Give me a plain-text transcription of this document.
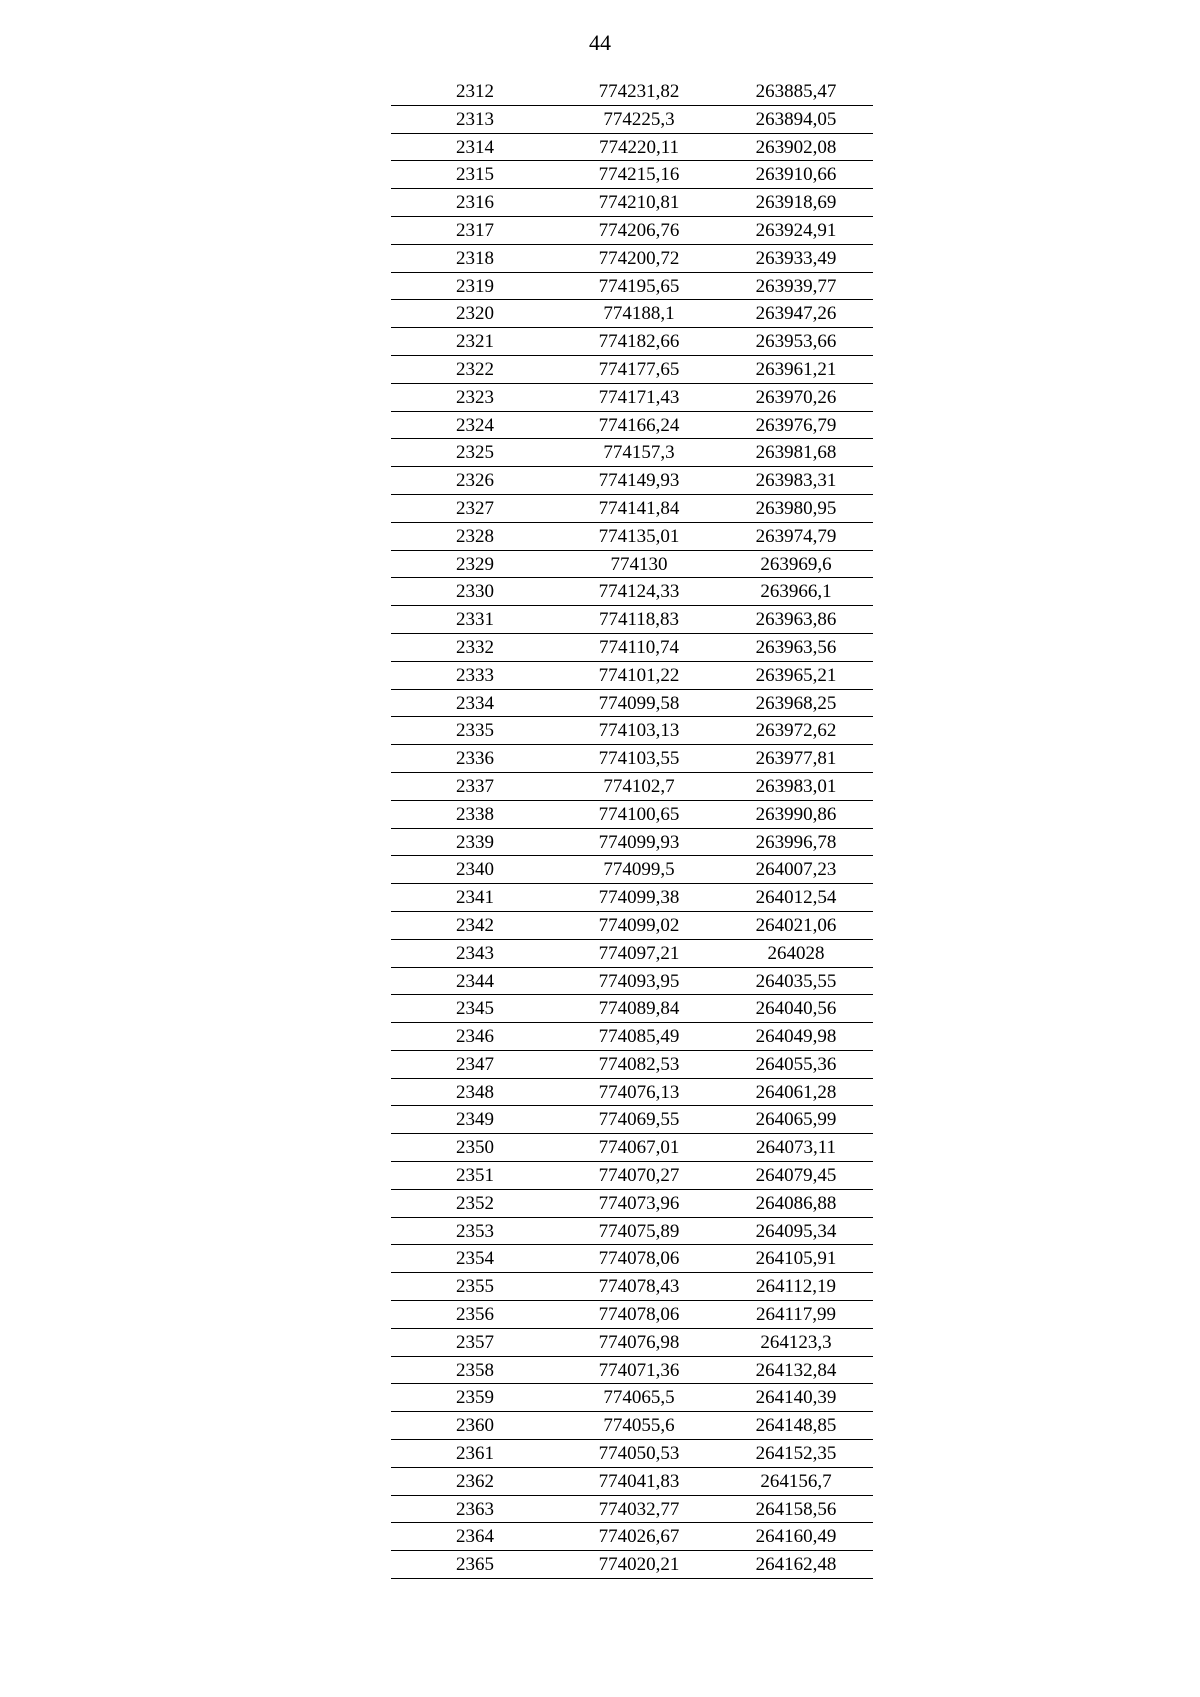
44
2312	774231,82	263885,47
2313	774225,3	263894,05
2314	774220,11	263902,08
2315	774215,16	263910,66
2316	774210,81	263918,69
2317	774206,76	263924,91
2318	774200,72	263933,49
2319	774195,65	263939,77
2320	774188,1	263947,26
2321	774182,66	263953,66
2322	774177,65	263961,21
2323	774171,43	263970,26
2324	774166,24	263976,79
2325	774157,3	263981,68
2326	774149,93	263983,31
2327	774141,84	263980,95
2328	774135,01	263974,79
2329	774130	263969,6
2330	774124,33	263966,1
2331	774118,83	263963,86
2332	774110,74	263963,56
2333	774101,22	263965,21
2334	774099,58	263968,25
2335	774103,13	263972,62
2336	774103,55	263977,81
2337	774102,7	263983,01
2338	774100,65	263990,86
2339	774099,93	263996,78
2340	774099,5	264007,23
2341	774099,38	264012,54
2342	774099,02	264021,06
2343	774097,21	264028
2344	774093,95	264035,55
2345	774089,84	264040,56
2346	774085,49	264049,98
2347	774082,53	264055,36
2348	774076,13	264061,28
2349	774069,55	264065,99
2350	774067,01	264073,11
2351	774070,27	264079,45
2352	774073,96	264086,88
2353	774075,89	264095,34
2354	774078,06	264105,91
2355	774078,43	264112,19
2356	774078,06	264117,99
2357	774076,98	264123,3
2358	774071,36	264132,84
2359	774065,5	264140,39
2360	774055,6	264148,85
2361	774050,53	264152,35
2362	774041,83	264156,7
2363	774032,77	264158,56
2364	774026,67	264160,49
2365	774020,21	264162,48
